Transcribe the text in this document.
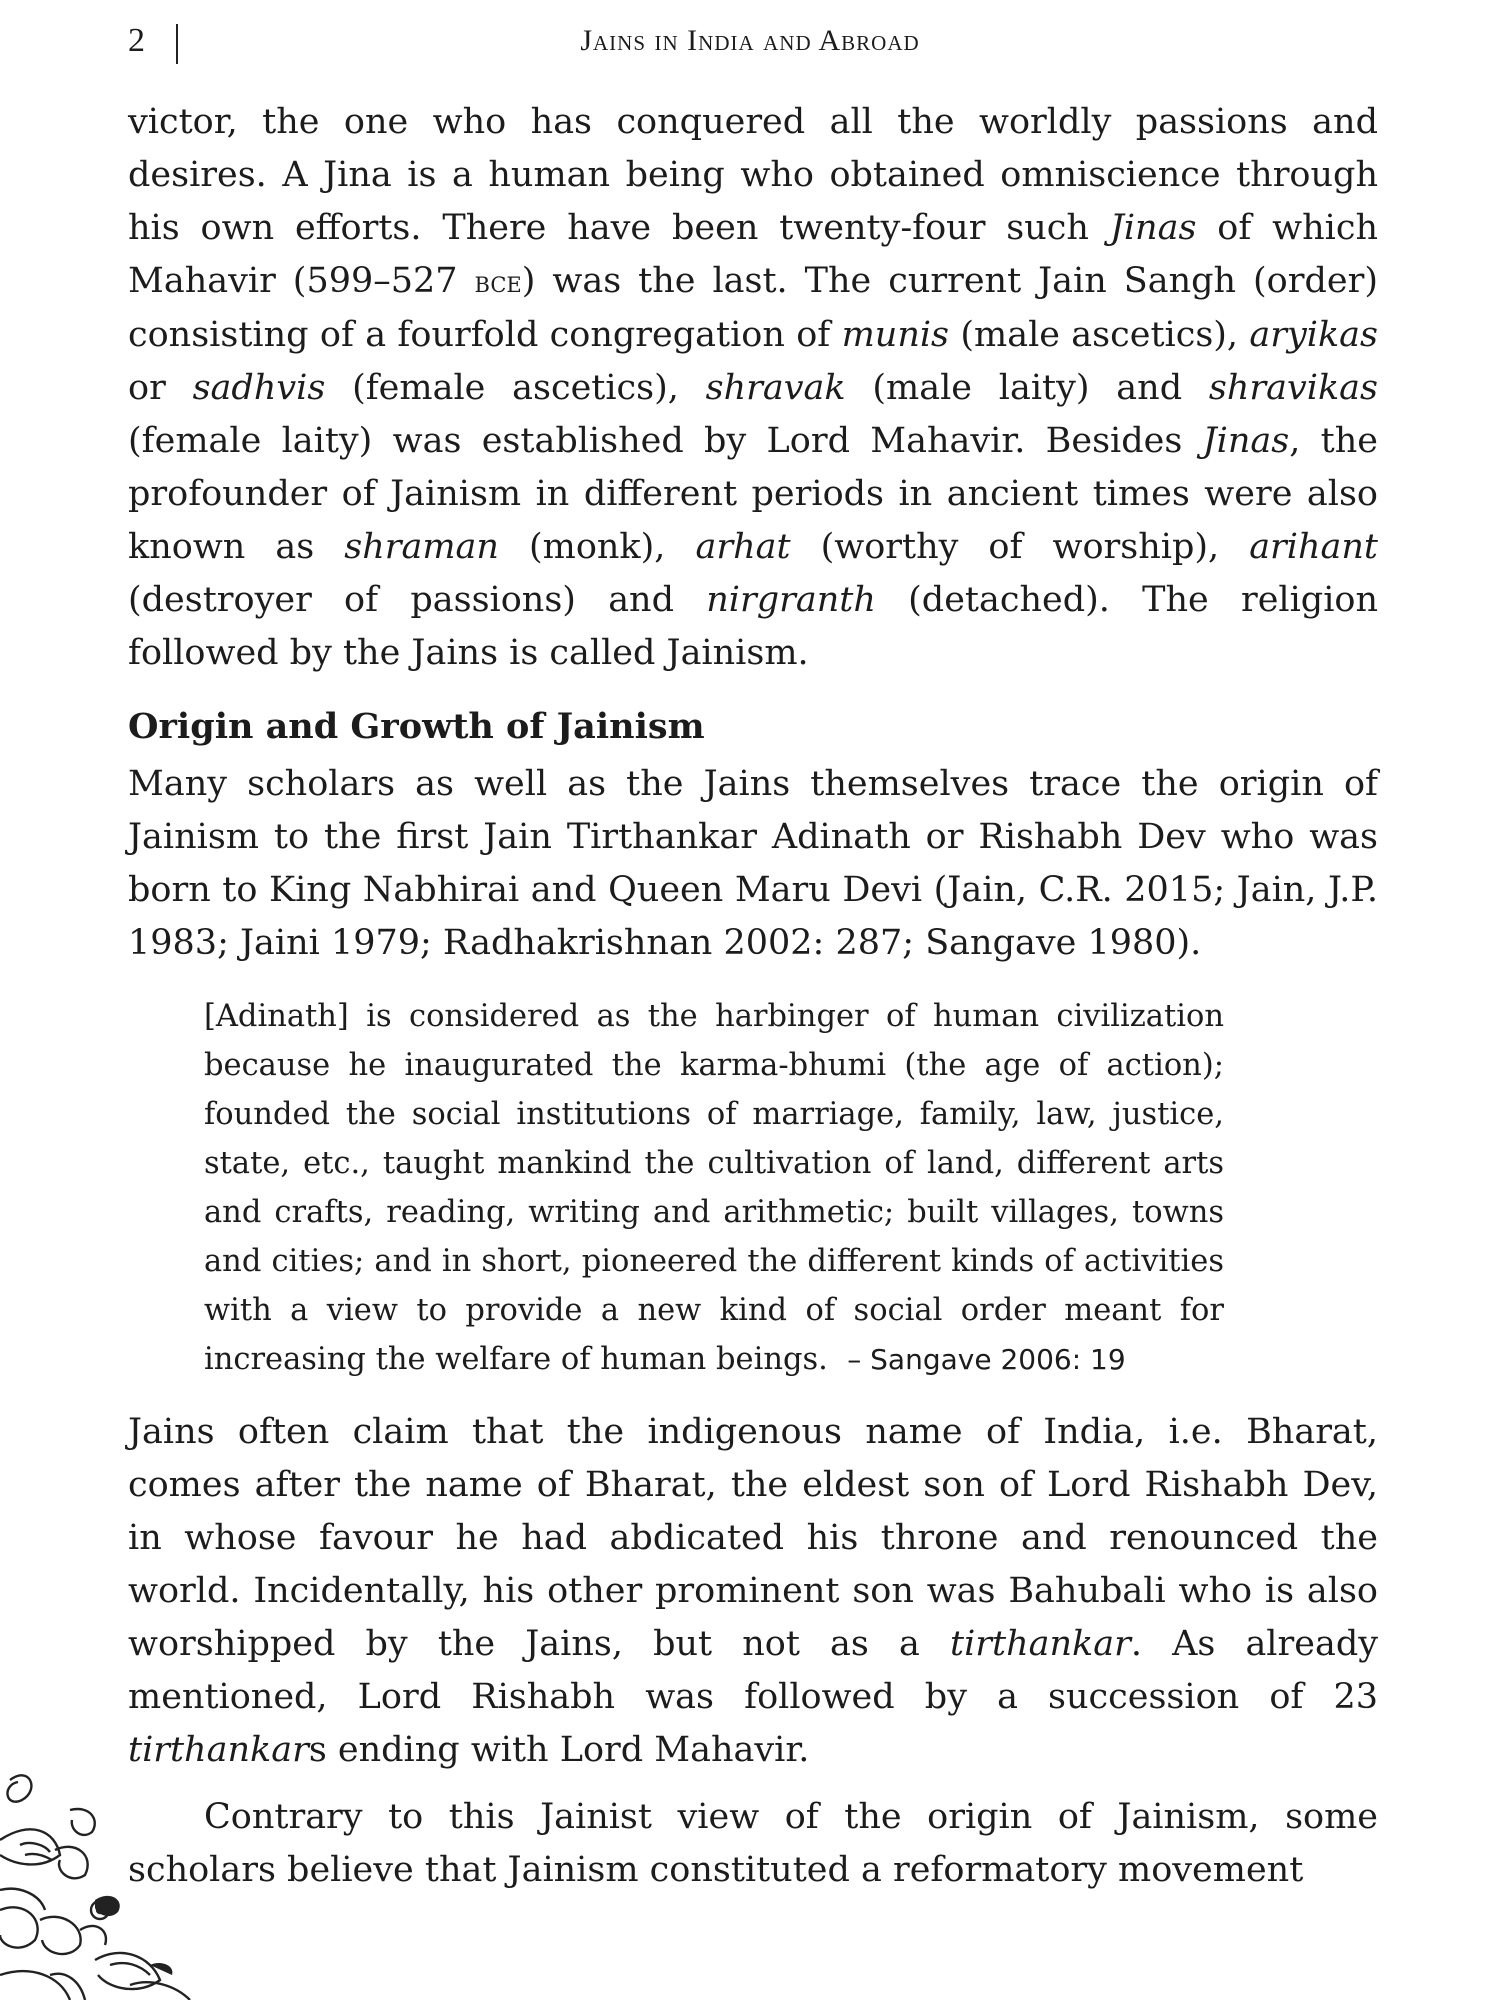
2	Jains in India and Abroad

victor, the one who has conquered all the worldly passions and desires. A Jina is a human being who obtained omniscience through his own efforts. There have been twenty-four such Jinas of which Mahavir (599–527 bce) was the last. The current Jain Sangh (order) consisting of a fourfold congregation of munis (male ascetics), aryikas or sadhvis (female ascetics), shravak (male laity) and shravikas (female laity) was established by Lord Mahavir. Besides Jinas, the profounder of Jainism in different periods in ancient times were also known as shraman (monk), arhat (worthy of worship), arihant (destroyer of passions) and nirgranth (detached). The religion followed by the Jains is called Jainism.

Origin and Growth of Jainism

Many scholars as well as the Jains themselves trace the origin of Jainism to the first Jain Tirthankar Adinath or Rishabh Dev who was born to King Nabhirai and Queen Maru Devi (Jain, C.R. 2015; Jain, J.P. 1983; Jaini 1979; Radhakrishnan 2002: 287; Sangave 1980).

[Adinath] is considered as the harbinger of human civilization because he inaugurated the karma-bhumi (the age of action); founded the social institutions of marriage, family, law, justice, state, etc., taught mankind the cultivation of land, different arts and crafts, reading, writing and arithmetic; built villages, towns and cities; and in short, pioneered the different kinds of activities with a view to provide a new kind of social order meant for increasing the welfare of human beings. – Sangave 2006: 19

Jains often claim that the indigenous name of India, i.e. Bharat, comes after the name of Bharat, the eldest son of Lord Rishabh Dev, in whose favour he had abdicated his throne and renounced the world. Incidentally, his other prominent son was Bahubali who is also worshipped by the Jains, but not as a tirthankar. As already mentioned, Lord Rishabh was followed by a succession of 23 tirthankars ending with Lord Mahavir.

Contrary to this Jainist view of the origin of Jainism, some scholars believe that Jainism constituted a reformatory movement
